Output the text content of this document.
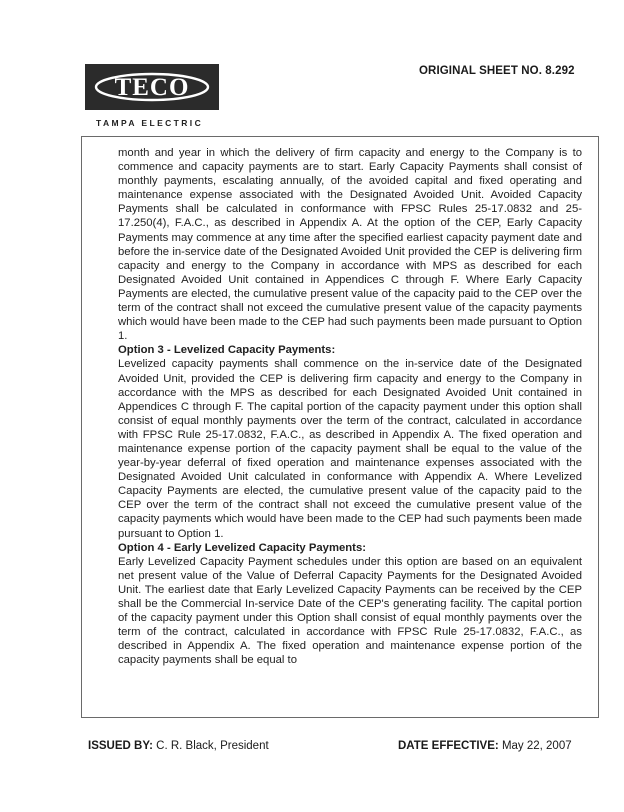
ORIGINAL SHEET NO. 8.292
TECO
TAMPA ELECTRIC

month and year in which the delivery of firm capacity and energy to the Company is to commence and capacity payments are to start. Early Capacity Payments shall consist of monthly payments, escalating annually, of the avoided capital and fixed operating and maintenance expense associated with the Designated Avoided Unit. Avoided Capacity Payments shall be calculated in conformance with FPSC Rules 25-17.0832 and 25-17.250(4), F.A.C., as described in Appendix A. At the option of the CEP, Early Capacity Payments may commence at any time after the specified earliest capacity payment date and before the in-service date of the Designated Avoided Unit provided the CEP is delivering firm capacity and energy to the Company in accordance with MPS as described for each Designated Avoided Unit contained in Appendices C through F. Where Early Capacity Payments are elected, the cumulative present value of the capacity paid to the CEP over the term of the contract shall not exceed the cumulative present value of the capacity payments which would have been made to the CEP had such payments been made pursuant to Option 1.

Option 3 - Levelized Capacity Payments:

Levelized capacity payments shall commence on the in-service date of the Designated Avoided Unit, provided the CEP is delivering firm capacity and energy to the Company in accordance with the MPS as described for each Designated Avoided Unit contained in Appendices C through F. The capital portion of the capacity payment under this option shall consist of equal monthly payments over the term of the contract, calculated in accordance with FPSC Rule 25-17.0832, F.A.C., as described in Appendix A. The fixed operation and maintenance expense portion of the capacity payment shall be equal to the value of the year-by-year deferral of fixed operation and maintenance expenses associated with the Designated Avoided Unit calculated in conformance with Appendix A. Where Levelized Capacity Payments are elected, the cumulative present value of the capacity paid to the CEP over the term of the contract shall not exceed the cumulative present value of the capacity payments which would have been made to the CEP had such payments been made pursuant to Option 1.

Option 4 - Early Levelized Capacity Payments:

Early Levelized Capacity Payment schedules under this option are based on an equivalent net present value of the Value of Deferral Capacity Payments for the Designated Avoided Unit. The earliest date that Early Levelized Capacity Payments can be received by the CEP shall be the Commercial In-service Date of the CEP's generating facility. The capital portion of the capacity payment under this Option shall consist of equal monthly payments over the term of the contract, calculated in accordance with FPSC Rule 25-17.0832, F.A.C., as described in Appendix A. The fixed operation and maintenance expense portion of the capacity payments shall be equal to

ISSUED BY: C. R. Black, President	DATE EFFECTIVE: May 22, 2007
